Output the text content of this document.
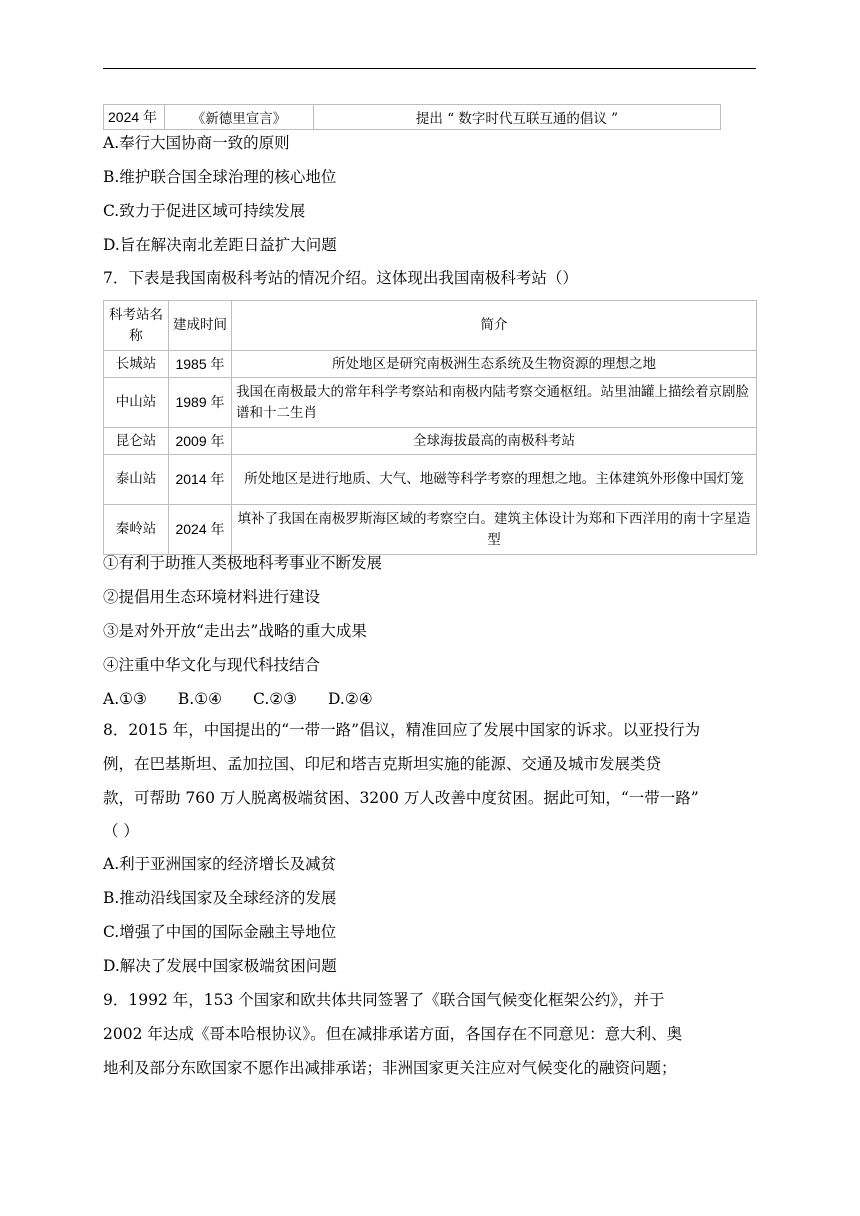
2024 年	《新德里宣言》	提出 “ 数字时代互联互通的倡议 ”
A.奉行大国协商一致的原则
B.维护联合国全球治理的核心地位
C.致力于促进区域可持续发展
D.旨在解决南北差距日益扩大问题
7．下表是我国南极科考站的情况介绍。这体现出我国南极科考站（）
科考站名称	建成时间	简介
长城站	1985 年	所处地区是研究南极洲生态系统及生物资源的理想之地
中山站	1989 年	我国在南极最大的常年科学考察站和南极内陆考察交通枢纽。站里油罐上描绘着京剧脸谱和十二生肖
昆仑站	2009 年	全球海拔最高的南极科考站
泰山站	2014 年	所处地区是进行地质、大气、地磁等科学考察的理想之地。主体建筑外形像中国灯笼
秦岭站	2024 年	填补了我国在南极罗斯海区域的考察空白。建筑主体设计为郑和下西洋用的南十字星造型
①有利于助推人类极地科考事业不断发展
②提倡用生态环境材料进行建设
③是对外开放“走出去”战略的重大成果
④注重中华文化与现代科技结合
A.①③　　B.①④　　C.②③　　D.②④
8．2015 年，中国提出的“一带一路”倡议，精准回应了发展中国家的诉求。以亚投行为
例，在巴基斯坦、孟加拉国、印尼和塔吉克斯坦实施的能源、交通及城市发展类贷
款，可帮助 760 万人脱离极端贫困、3200 万人改善中度贫困。据此可知，“一带一路”
（ ）
A.利于亚洲国家的经济增长及减贫
B.推动沿线国家及全球经济的发展
C.增强了中国的国际金融主导地位
D.解决了发展中国家极端贫困问题
9．1992 年，153 个国家和欧共体共同签署了《联合国气候变化框架公约》，并于
2002 年达成《哥本哈根协议》。但在减排承诺方面，各国存在不同意见：意大利、奥
地利及部分东欧国家不愿作出减排承诺；非洲国家更关注应对气候变化的融资问题；
